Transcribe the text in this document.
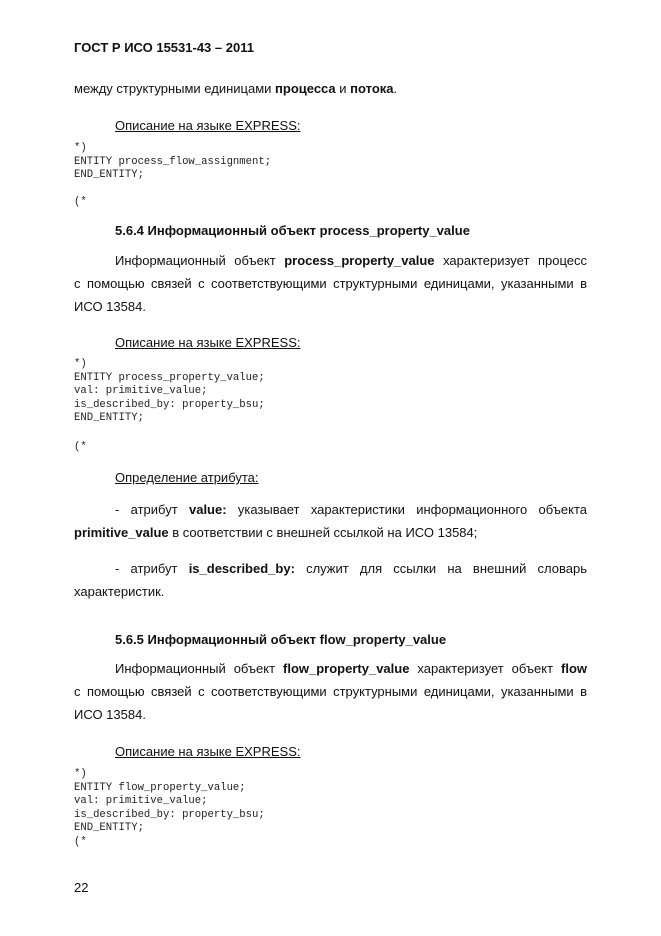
ГОСТ Р ИСО 15531-43 – 2011
между структурными единицами процесса и потока.
Описание на языке EXPRESS:
*)
ENTITY process_flow_assignment;
END_ENTITY;
(*
5.6.4 Информационный объект process_property_value
Информационный объект process_property_value характеризует процесс
с помощью связей с соответствующими структурными единицами, указанными в
ИСО 13584.
Описание на языке EXPRESS:
*)
ENTITY process_property_value;
val: primitive_value;
is_described_by: property_bsu;
END_ENTITY;
(*
Определение атрибута:
- атрибут value: указывает характеристики информационного объекта
primitive_value в соответствии с внешней ссылкой на ИСО 13584;
- атрибут is_described_by: служит для ссылки на внешний словарь
характеристик.
5.6.5 Информационный объект flow_property_value
Информационный объект flow_property_value характеризует объект flow
с помощью связей с соответствующими структурными единицами, указанными в
ИСО 13584.
Описание на языке EXPRESS:
*)
ENTITY flow_property_value;
val: primitive_value;
is_described_by: property_bsu;
END_ENTITY;
(*
22
